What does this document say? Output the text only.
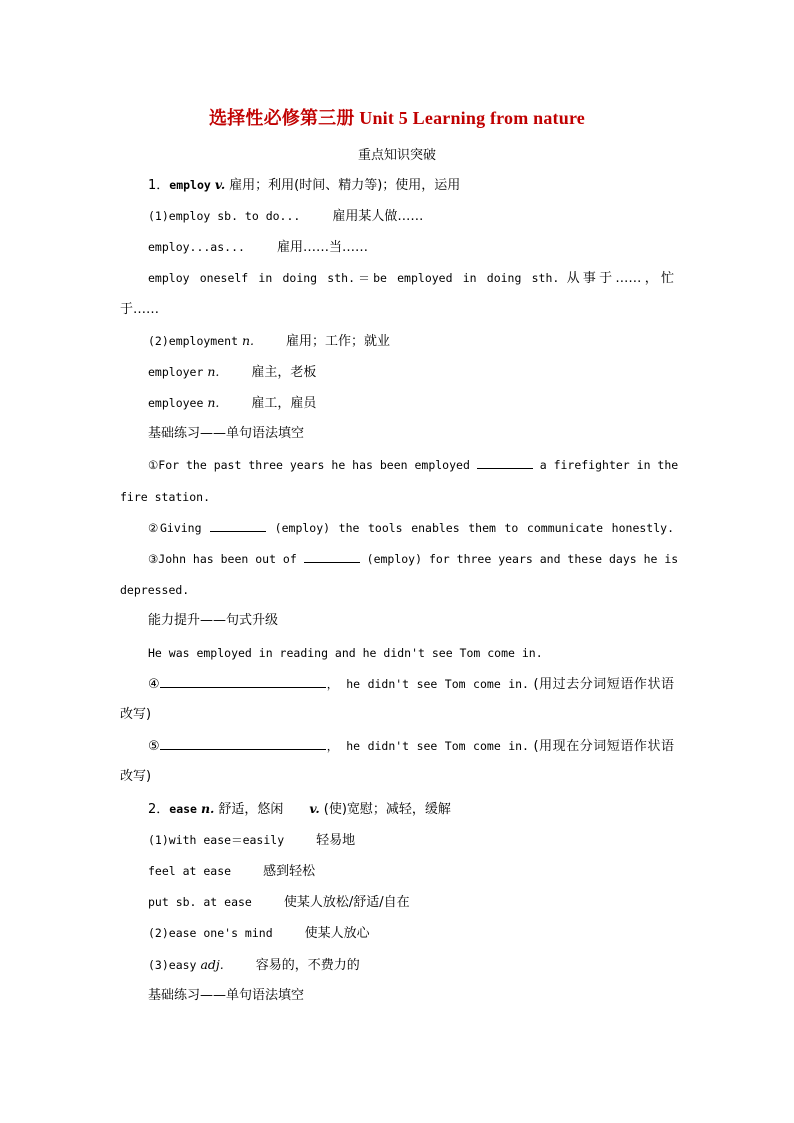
选择性必修第三册 Unit 5 Learning from nature
重点知识突破
1．employ v. 雇用；利用(时间、精力等)；使用，运用
(1)employ sb. to do... 雇用某人做……
employ...as... 雇用……当……
employ oneself in doing sth.＝be employed in doing sth. 从事于……，忙
于……
(2)employment n. 雇用；工作；就业
employer n. 雇主，老板
employee n. 雇工，雇员
基础练习——单句语法填空
①For the past three years he has been employed	a firefighter in the
fire station.
②Giving	(employ) the tools enables them to communicate honestly.
③John has been out of	(employ) for three years and these days he is
depressed.
能力提升——句式升级
He was employed in reading and he didn't see Tom come in.
④	， he didn't see Tom come in. (用过去分词短语作状语
改写)
⑤	， he didn't see Tom come in. (用现在分词短语作状语
改写)
2．ease n. 舒适，悠闲 v. (使)宽慰；减轻，缓解
(1)with ease＝easily 轻易地
feel at ease 感到轻松
put sb. at ease 使某人放松/舒适/自在
(2)ease one's mind 使某人放心
(3)easy adj. 容易的，不费力的
基础练习——单句语法填空
